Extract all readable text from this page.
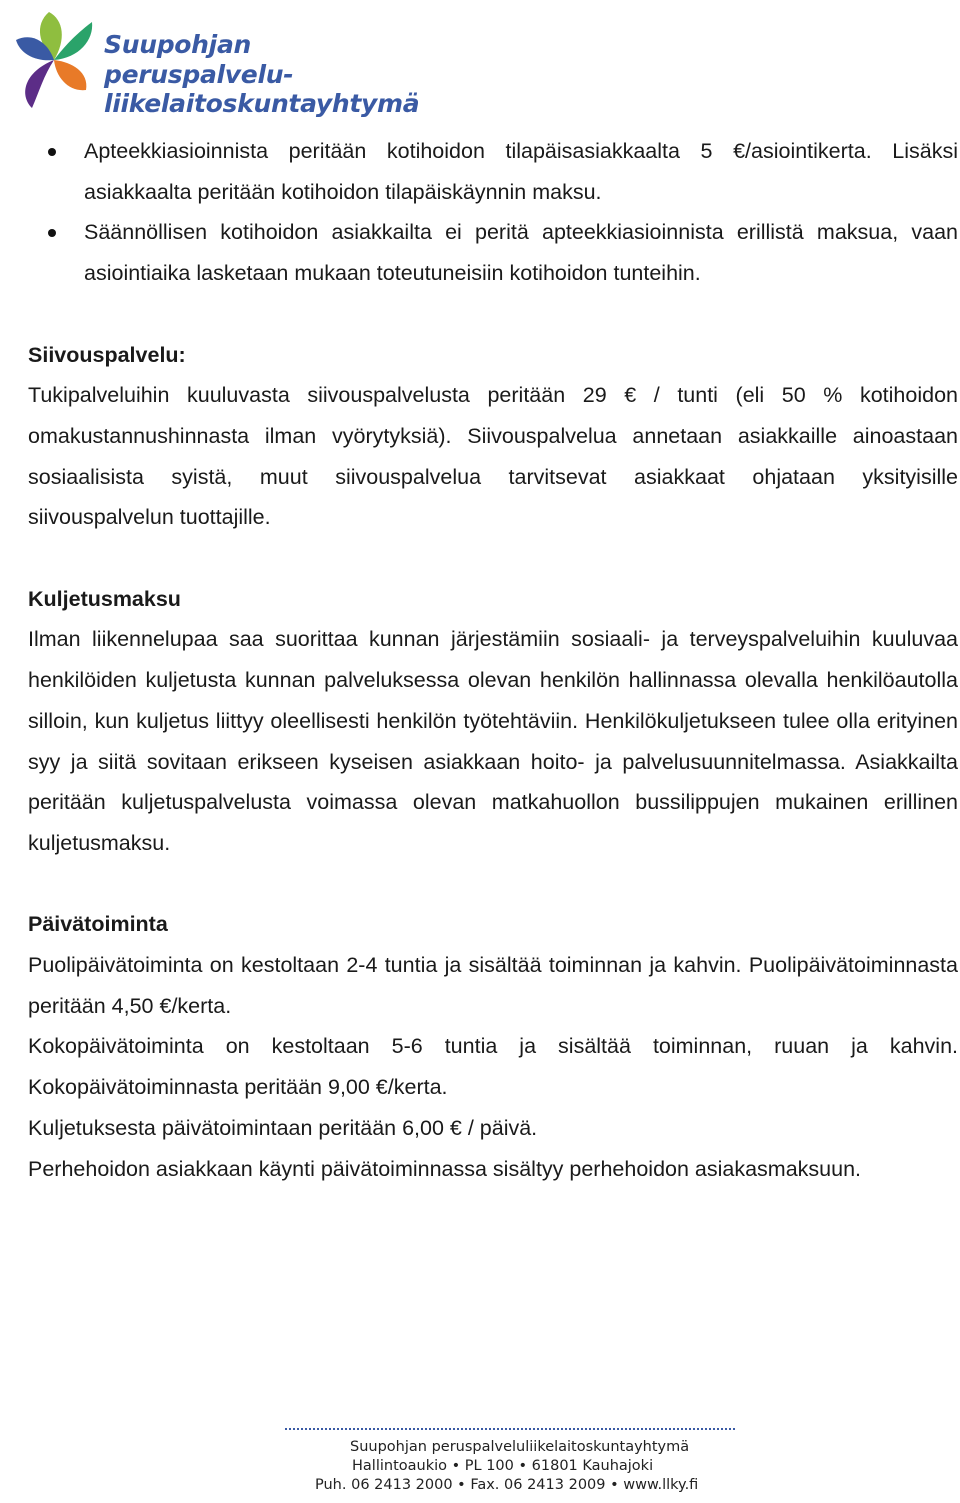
Suupohjan peruspalvelu-
liikelaitoskuntayhtymä
Apteekkiasioinnista peritään kotihoidon tilapäisasiakkaalta 5 €/asiointikerta. Lisäksi asiakkaalta peritään kotihoidon tilapäiskäynnin maksu.
Säännöllisen kotihoidon asiakkailta ei peritä apteekkiasioinnista erillistä maksua, vaan asiointiaika lasketaan mukaan toteutuneisiin kotihoidon tunteihin.
Siivouspalvelu:

Tukipalveluihin kuuluvasta siivouspalvelusta peritään 29 € / tunti (eli 50 % kotihoidon omakustannushinnasta ilman vyörytyksiä). Siivouspalvelua annetaan asiakkaille ainoastaan sosiaalisista syistä, muut siivouspalvelua tarvitsevat asiakkaat ohjataan yksityisille siivouspalvelun tuottajille.

Kuljetusmaksu

Ilman liikennelupaa saa suorittaa kunnan järjestämiin sosiaali- ja terveyspalveluihin kuuluvaa henkilöiden kuljetusta kunnan palveluksessa olevan henkilön hallinnassa olevalla henkilöautolla silloin, kun kuljetus liittyy oleellisesti henkilön työtehtäviin. Henkilökuljetukseen tulee olla erityinen syy ja siitä sovitaan erikseen kyseisen asiakkaan hoito- ja palvelusuunnitelmassa. Asiakkailta peritään kuljetuspalvelusta voimassa olevan matkahuollon bussilippujen mukainen erillinen kuljetusmaksu.

Päivätoiminta

Puolipäivätoiminta on kestoltaan 2-4 tuntia ja sisältää toiminnan ja kahvin. Puolipäivätoiminnasta peritään 4,50 €/kerta.

Kokopäivätoiminta on kestoltaan 5-6 tuntia ja sisältää toiminnan, ruuan ja kahvin. Kokopäivätoiminnasta peritään 9,00 €/kerta.

Kuljetuksesta päivätoimintaan peritään 6,00 € / päivä.

Perhehoidon asiakkaan käynti päivätoiminnassa sisältyy perhehoidon asiakasmaksuun.

Suupohjan peruspalveluliikelaitoskuntayhtymä
Hallintoaukio • PL 100 • 61801 Kauhajoki
Puh. 06 2413 2000 • Fax. 06 2413 2009 • www.llky.fi
